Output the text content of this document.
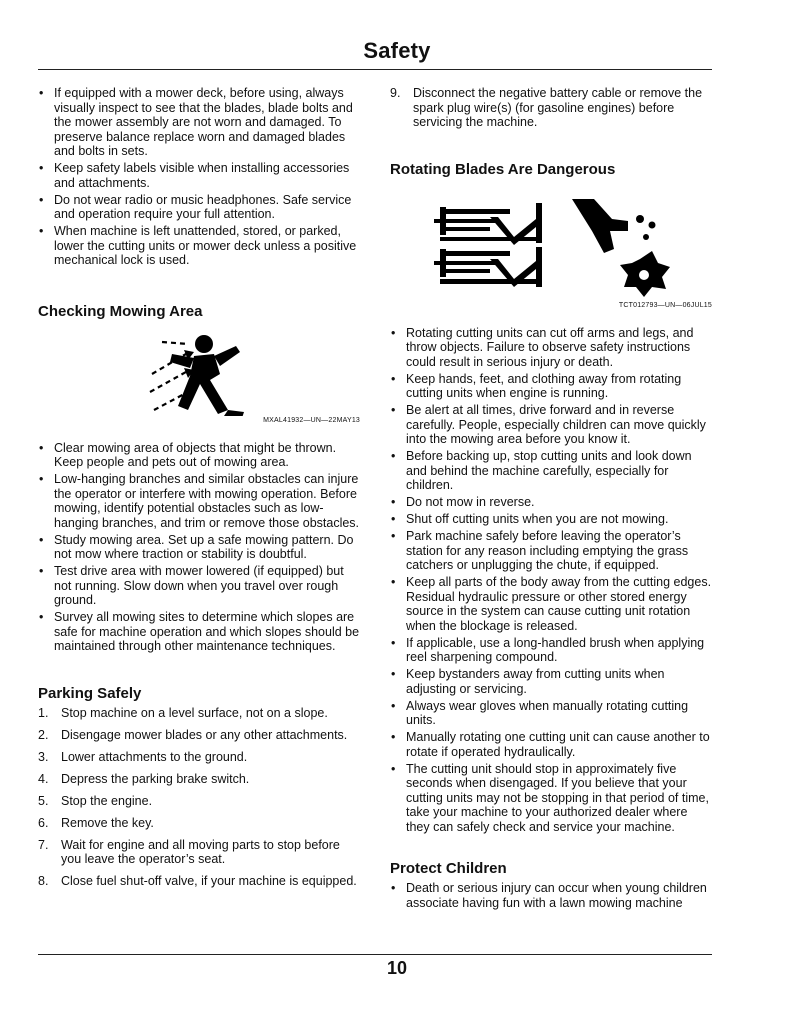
Safety
• If equipped with a mower deck, before using, always visually inspect to see that the blades, blade bolts and the mower assembly are not worn and damaged. To preserve balance replace worn and damaged blades and bolts in sets.
• Keep safety labels visible when installing accessories and attachments.
• Do not wear radio or music headphones. Safe service and operation require your full attention.
• When machine is left unattended, stored, or parked, lower the cutting units or mower deck unless a positive mechanical lock is used.
Checking Mowing Area
MXAL41932—UN—22MAY13
• Clear mowing area of objects that might be thrown. Keep people and pets out of mowing area.
• Low-hanging branches and similar obstacles can injure the operator or interfere with mowing operation. Before mowing, identify potential obstacles such as low-hanging branches, and trim or remove those obstacles.
• Study mowing area. Set up a safe mowing pattern. Do not mow where traction or stability is doubtful.
• Test drive area with mower lowered (if equipped) but not running. Slow down when you travel over rough ground.
• Survey all mowing sites to determine which slopes are safe for machine operation and which slopes should be maintained through other maintenance techniques.
Parking Safely
1. Stop machine on a level surface, not on a slope.
2. Disengage mower blades or any other attachments.
3. Lower attachments to the ground.
4. Depress the parking brake switch.
5. Stop the engine.
6. Remove the key.
7. Wait for engine and all moving parts to stop before you leave the operator’s seat.
8. Close fuel shut-off valve, if your machine is equipped.
9. Disconnect the negative battery cable or remove the spark plug wire(s) (for gasoline engines) before servicing the machine.
Rotating Blades Are Dangerous
TCT012793—UN—06JUL15
• Rotating cutting units can cut off arms and legs, and throw objects. Failure to observe safety instructions could result in serious injury or death.
• Keep hands, feet, and clothing away from rotating cutting units when engine is running.
• Be alert at all times, drive forward and in reverse carefully. People, especially children can move quickly into the mowing area before you know it.
• Before backing up, stop cutting units and look down and behind the machine carefully, especially for children.
• Do not mow in reverse.
• Shut off cutting units when you are not mowing.
• Park machine safely before leaving the operator’s station for any reason including emptying the grass catchers or unplugging the chute, if equipped.
• Keep all parts of the body away from the cutting edges. Residual hydraulic pressure or other stored energy source in the system can cause cutting unit rotation when the blockage is released.
• If applicable, use a long-handled brush when applying reel sharpening compound.
• Keep bystanders away from cutting units when adjusting or servicing.
• Always wear gloves when manually rotating cutting units.
• Manually rotating one cutting unit can cause another to rotate if operated hydraulically.
• The cutting unit should stop in approximately five seconds when disengaged. If you believe that your cutting units may not be stopping in that period of time, take your machine to your authorized dealer where they can safely check and service your machine.
Protect Children
• Death or serious injury can occur when young children associate having fun with a lawn mowing machine
10
